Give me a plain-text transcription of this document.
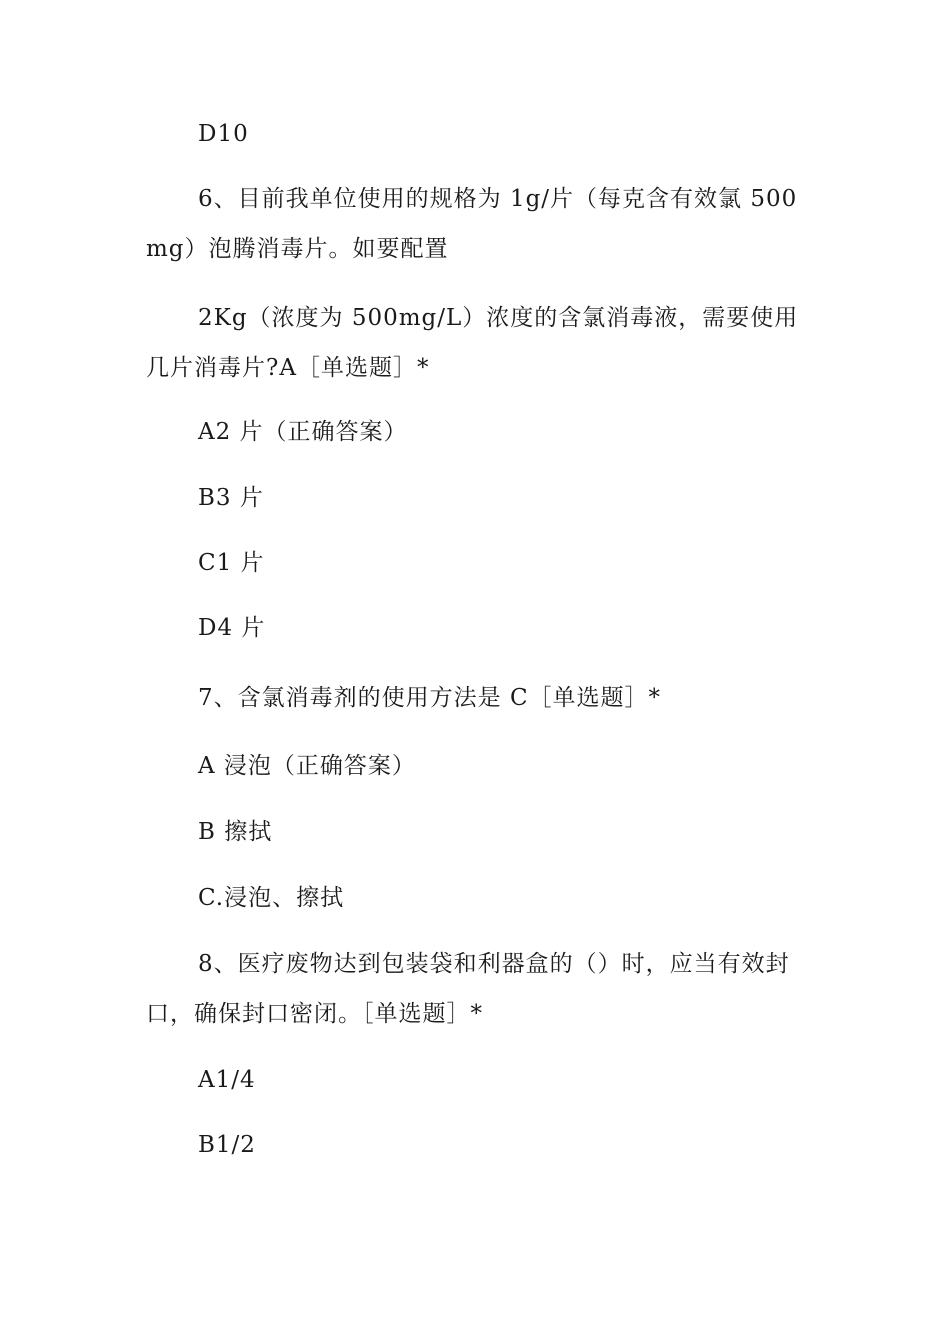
D10
6、目前我单位使用的规格为 1g/片（每克含有效氯 500mg）泡腾消毒片。如要配置
2Kg（浓度为 500mg/L）浓度的含氯消毒液，需要使用几片消毒片?A［单选题］*
A2 片（正确答案）
B3 片
C1 片
D4 片
7、含氯消毒剂的使用方法是 C［单选题］*
A 浸泡（正确答案）
B 擦拭
C.浸泡、擦拭
8、医疗废物达到包装袋和利器盒的（）时，应当有效封口，确保封口密闭。［单选题］*
A1/4
B1/2
